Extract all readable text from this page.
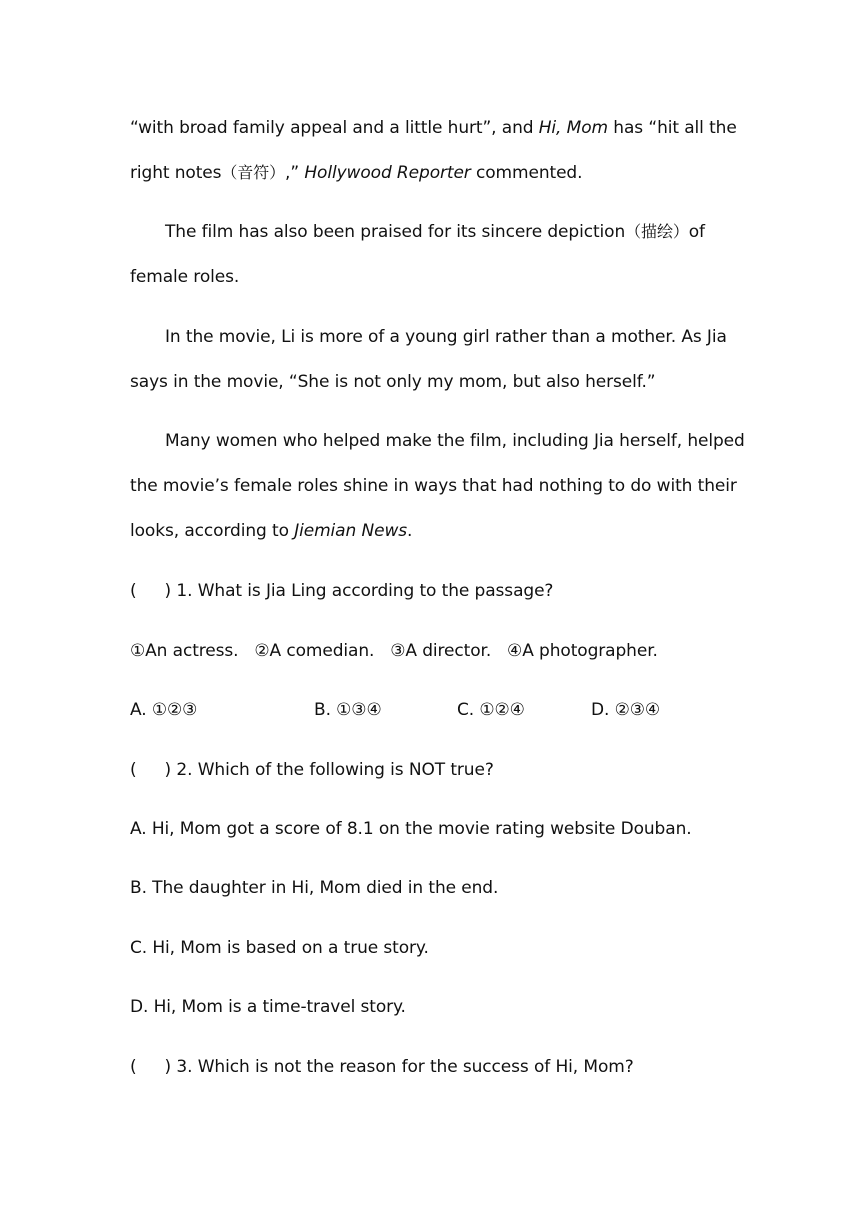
“with broad family appeal and a little hurt”, and Hi, Mom has “hit all the
right notes（音符）,” Hollywood Reporter commented.
The film has also been praised for its sincere depiction（描绘）of
female roles.
In the movie, Li is more of a young girl rather than a mother. As Jia
says in the movie, “She is not only my mom, but also herself.”
Many women who helped make the film, including Jia herself, helped
the movie’s female roles shine in ways that had nothing to do with their
looks, according to Jiemian News.
( ) 1. What is Jia Ling according to the passage?
①An actress.   ②A comedian.   ③A director.   ④A photographer.
A. ①②③	B. ①③④	C. ①②④	D. ②③④
( ) 2. Which of the following is NOT true?
A. Hi, Mom got a score of 8.1 on the movie rating website Douban.
B. The daughter in Hi, Mom died in the end.
C. Hi, Mom is based on a true story.
D. Hi, Mom is a time-travel story.
( ) 3. Which is not the reason for the success of Hi, Mom?
